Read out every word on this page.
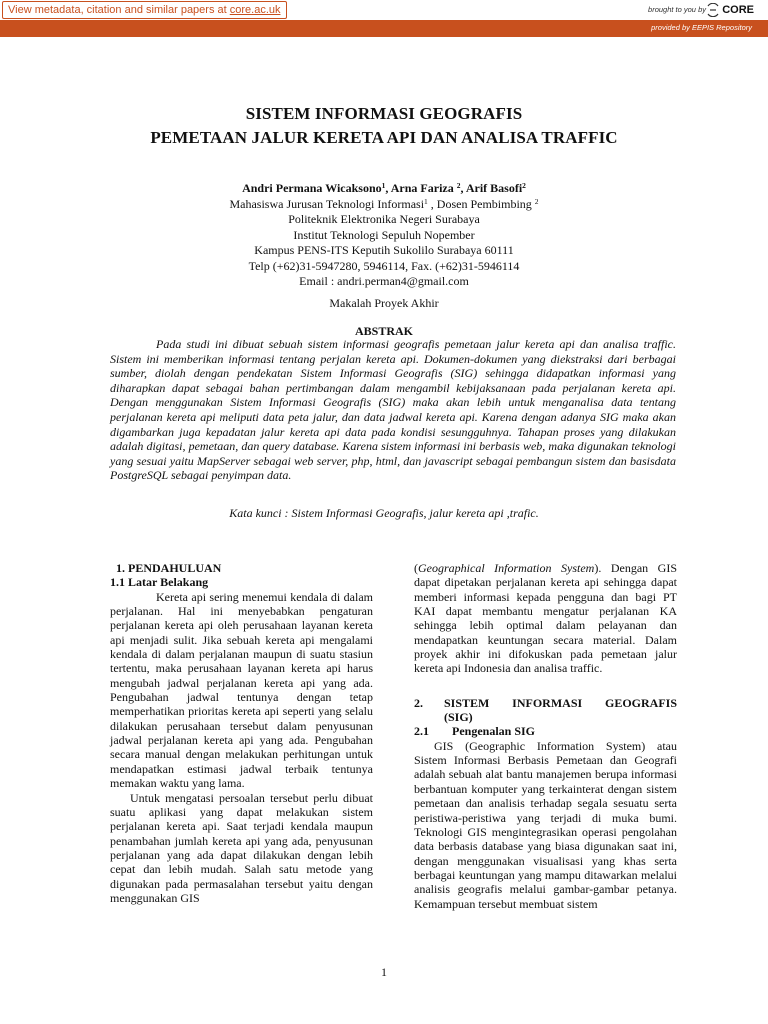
View metadata, citation and similar papers at core.ac.uk	brought to you by CORE
provided by EEPIS Repository
SISTEM INFORMASI GEOGRAFIS
PEMETAAN JALUR KERETA API DAN ANALISA TRAFFIC
Andri Permana Wicaksono$^1$, Arna Fariza $^2$, Arif Basofi$^2$
Mahasiswa Jurusan Teknologi Informasi$^1$ , Dosen Pembimbing $^2$
Politeknik Elektronika Negeri Surabaya
Institut Teknologi Sepuluh Nopember
Kampus PENS-ITS Keputih Sukolilo Surabaya 60111
Telp (+62)31-5947280, 5946114, Fax. (+62)31-5946114
Email : andri.perman4@gmail.com
Makalah Proyek Akhir
ABSTRAK
Pada studi ini dibuat sebuah sistem informasi geografis pemetaan jalur kereta api dan analisa traffic. Sistem ini memberikan informasi tentang perjalan kereta api. Dokumen-dokumen yang diekstraksi dari berbagai sumber, diolah dengan pendekatan Sistem Informasi Geografis (SIG) sehingga didapatkan informasi yang diharapkan dapat sebagai bahan pertimbangan dalam mengambil kebijaksanaan pada perjalanan kereta api. Dengan menggunakan Sistem Informasi Geografis (SIG) maka akan lebih untuk menganalisa data tentang perjalanan kereta api meliputi data peta jalur, dan data jadwal kereta api. Karena dengan adanya SIG maka akan digambarkan juga kepadatan jalur kereta api data pada kondisi sesungguhnya. Tahapan proses yang dilakukan adalah digitasi, pemetaan, dan query database. Karena sistem informasi ini berbasis web, maka digunakan teknologi yang sesuai yaitu MapServer sebagai web server, php, html, dan javascript sebagai pembangun sistem dan basisdata PostgreSQL sebagai penyimpan data.
Kata kunci : Sistem Informasi Geografis, jalur kereta api ,trafic.

1. PENDAHULUAN

1.1 Latar Belakang

Kereta api sering menemui kendala di dalam perjalanan. Hal ini menyebabkan pengaturan perjalanan kereta api oleh perusahaan layanan kereta api menjadi sulit. Jika sebuah kereta api mengalami kendala di dalam perjalanan maupun di suatu stasiun tertentu, maka perusahaan layanan kereta api harus mengubah jadwal perjalanan kereta api yang ada. Pengubahan jadwal tentunya dengan tetap memperhatikan prioritas kereta api seperti yang selalu dilakukan perusahaan tersebut dalam penyusunan jadwal perjalanan kereta api yang ada. Pengubahan secara manual dengan melakukan perhitungan untuk mendapatkan estimasi jadwal terbaik tentunya memakan waktu yang lama.

Untuk mengatasi persoalan tersebut perlu dibuat suatu aplikasi yang dapat melakukan sistem perjalanan kereta api. Saat terjadi kendala maupun penambahan jumlah kereta api yang ada, penyusunan perjalanan yang ada dapat dilakukan dengan lebih cepat dan lebih mudah. Salah satu metode yang digunakan pada permasalahan tersebut yaitu dengan menggunakan GIS

(Geographical Information System). Dengan GIS dapat dipetakan perjalanan kereta api sehingga dapat memberi informasi kepada pengguna dan bagi PT KAI dapat membantu mengatur perjalanan KA sehingga lebih optimal dalam pelayanan dan mendapatkan keuntungan secara material. Dalam proyek akhir ini difokuskan pada pemetaan jalur kereta api Indonesia dan analisa traffic.

2.	SISTEM INFORMASI GEOGRAFIS
(SIG)
2.1	Pengenalan SIG

GIS (Geographic Information System) atau Sistem Informasi Berbasis Pemetaan dan Geografi adalah sebuah alat bantu manajemen berupa informasi berbantuan komputer yang terkainterat dengan sistem pemetaan dan analisis terhadap segala sesuatu serta peristiwa-peristiwa yang terjadi di muka bumi. Teknologi GIS mengintegrasikan operasi pengolahan data berbasis database yang biasa digunakan saat ini, dengan menggunakan visualisasi yang khas serta berbagai keuntungan yang mampu ditawarkan melalui analisis geografis melalui gambar-gambar petanya. Kemampuan tersebut membuat sistem

1
